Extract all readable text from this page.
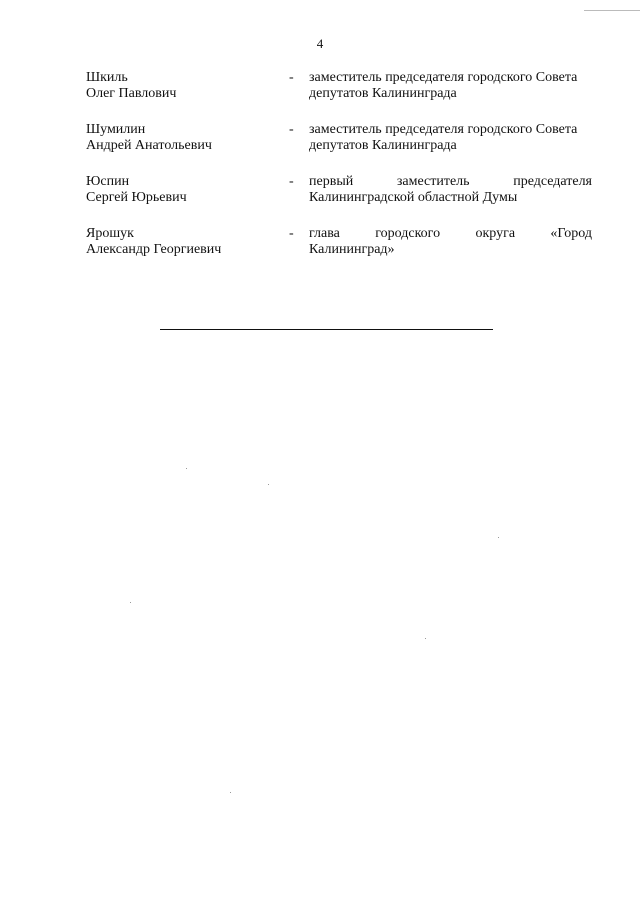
4
Шкиль
Олег Павлович
-	заместитель председателя городского Совета
депутатов Калининграда
Шумилин
Андрей Анатольевич
-	заместитель председателя городского Совета
депутатов Калининграда
Юспин
Сергей Юрьевич
-	первый заместитель председателя
Калининградской областной Думы
Ярошук
Александр Георгиевич
-	глава городского округа «Город
Калининград»
